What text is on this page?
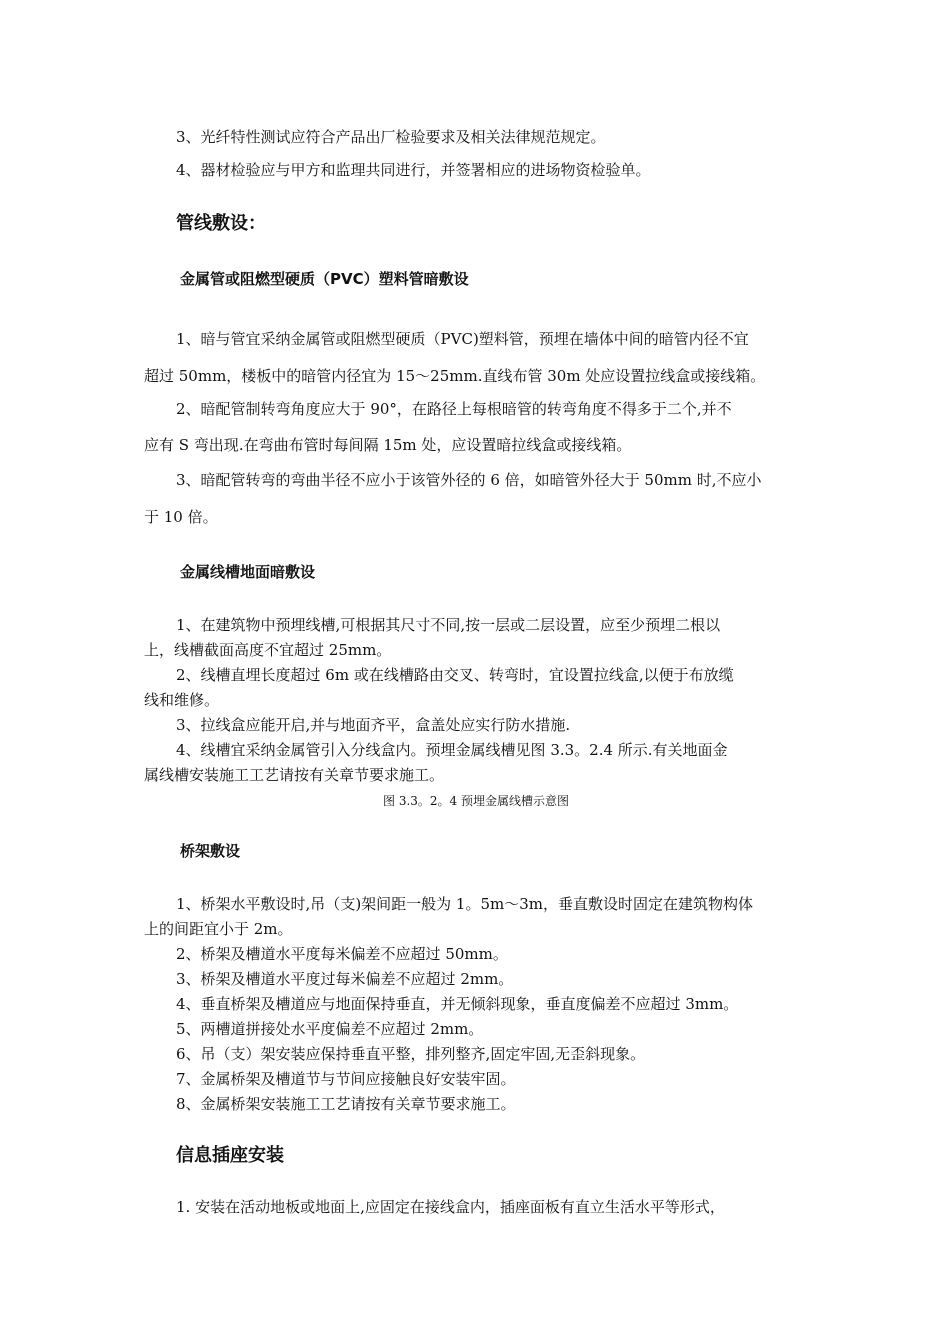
3、光纤特性测试应符合产品出厂检验要求及相关法律规范规定。
4、器材检验应与甲方和监理共同进行，并签署相应的进场物资检验单。
管线敷设：
金属管或阻燃型硬质（PVC）塑料管暗敷设
1、暗与管宜采纳金属管或阻燃型硬质（PVC)塑料管，预埋在墙体中间的暗管内径不宜
超过 50mm，楼板中的暗管内径宜为 15～25mm.直线布管 30m 处应设置拉线盒或接线箱。
2、暗配管制转弯角度应大于 90°，在路径上每根暗管的转弯角度不得多于二个,并不
应有 S 弯出现.在弯曲布管时每间隔 15m 处，应设置暗拉线盒或接线箱。
3、暗配管转弯的弯曲半径不应小于该管外径的 6 倍，如暗管外径大于 50mm 时,不应小
于 10 倍。
金属线槽地面暗敷设
1、在建筑物中预埋线槽,可根据其尺寸不同,按一层或二层设置，应至少预埋二根以
上，线槽截面高度不宜超过 25mm。
2、线槽直埋长度超过 6m 或在线槽路由交叉、转弯时，宜设置拉线盒,以便于布放缆
线和维修。
3、拉线盒应能开启,并与地面齐平，盒盖处应实行防水措施.
4、线槽宜采纳金属管引入分线盒内。预埋金属线槽见图 3.3。2.4 所示.有关地面金
属线槽安装施工工艺请按有关章节要求施工。
图 3.3。2。4 预埋金属线槽示意图
桥架敷设
1、桥架水平敷设时,吊（支)架间距一般为 1。5m～3m，垂直敷设时固定在建筑物构体
上的间距宜小于 2m。
2、桥架及槽道水平度每米偏差不应超过 50mm。
3、桥架及槽道水平度过每米偏差不应超过 2mm。
4、垂直桥架及槽道应与地面保持垂直，并无倾斜现象，垂直度偏差不应超过 3mm。
5、两槽道拼接处水平度偏差不应超过 2mm。
6、吊（支）架安装应保持垂直平整，排列整齐,固定牢固,无歪斜现象。
7、金属桥架及槽道节与节间应接触良好安装牢固。
8、金属桥架安装施工工艺请按有关章节要求施工。
信息插座安装
1. 安装在活动地板或地面上,应固定在接线盒内，插座面板有直立生活水平等形式，
